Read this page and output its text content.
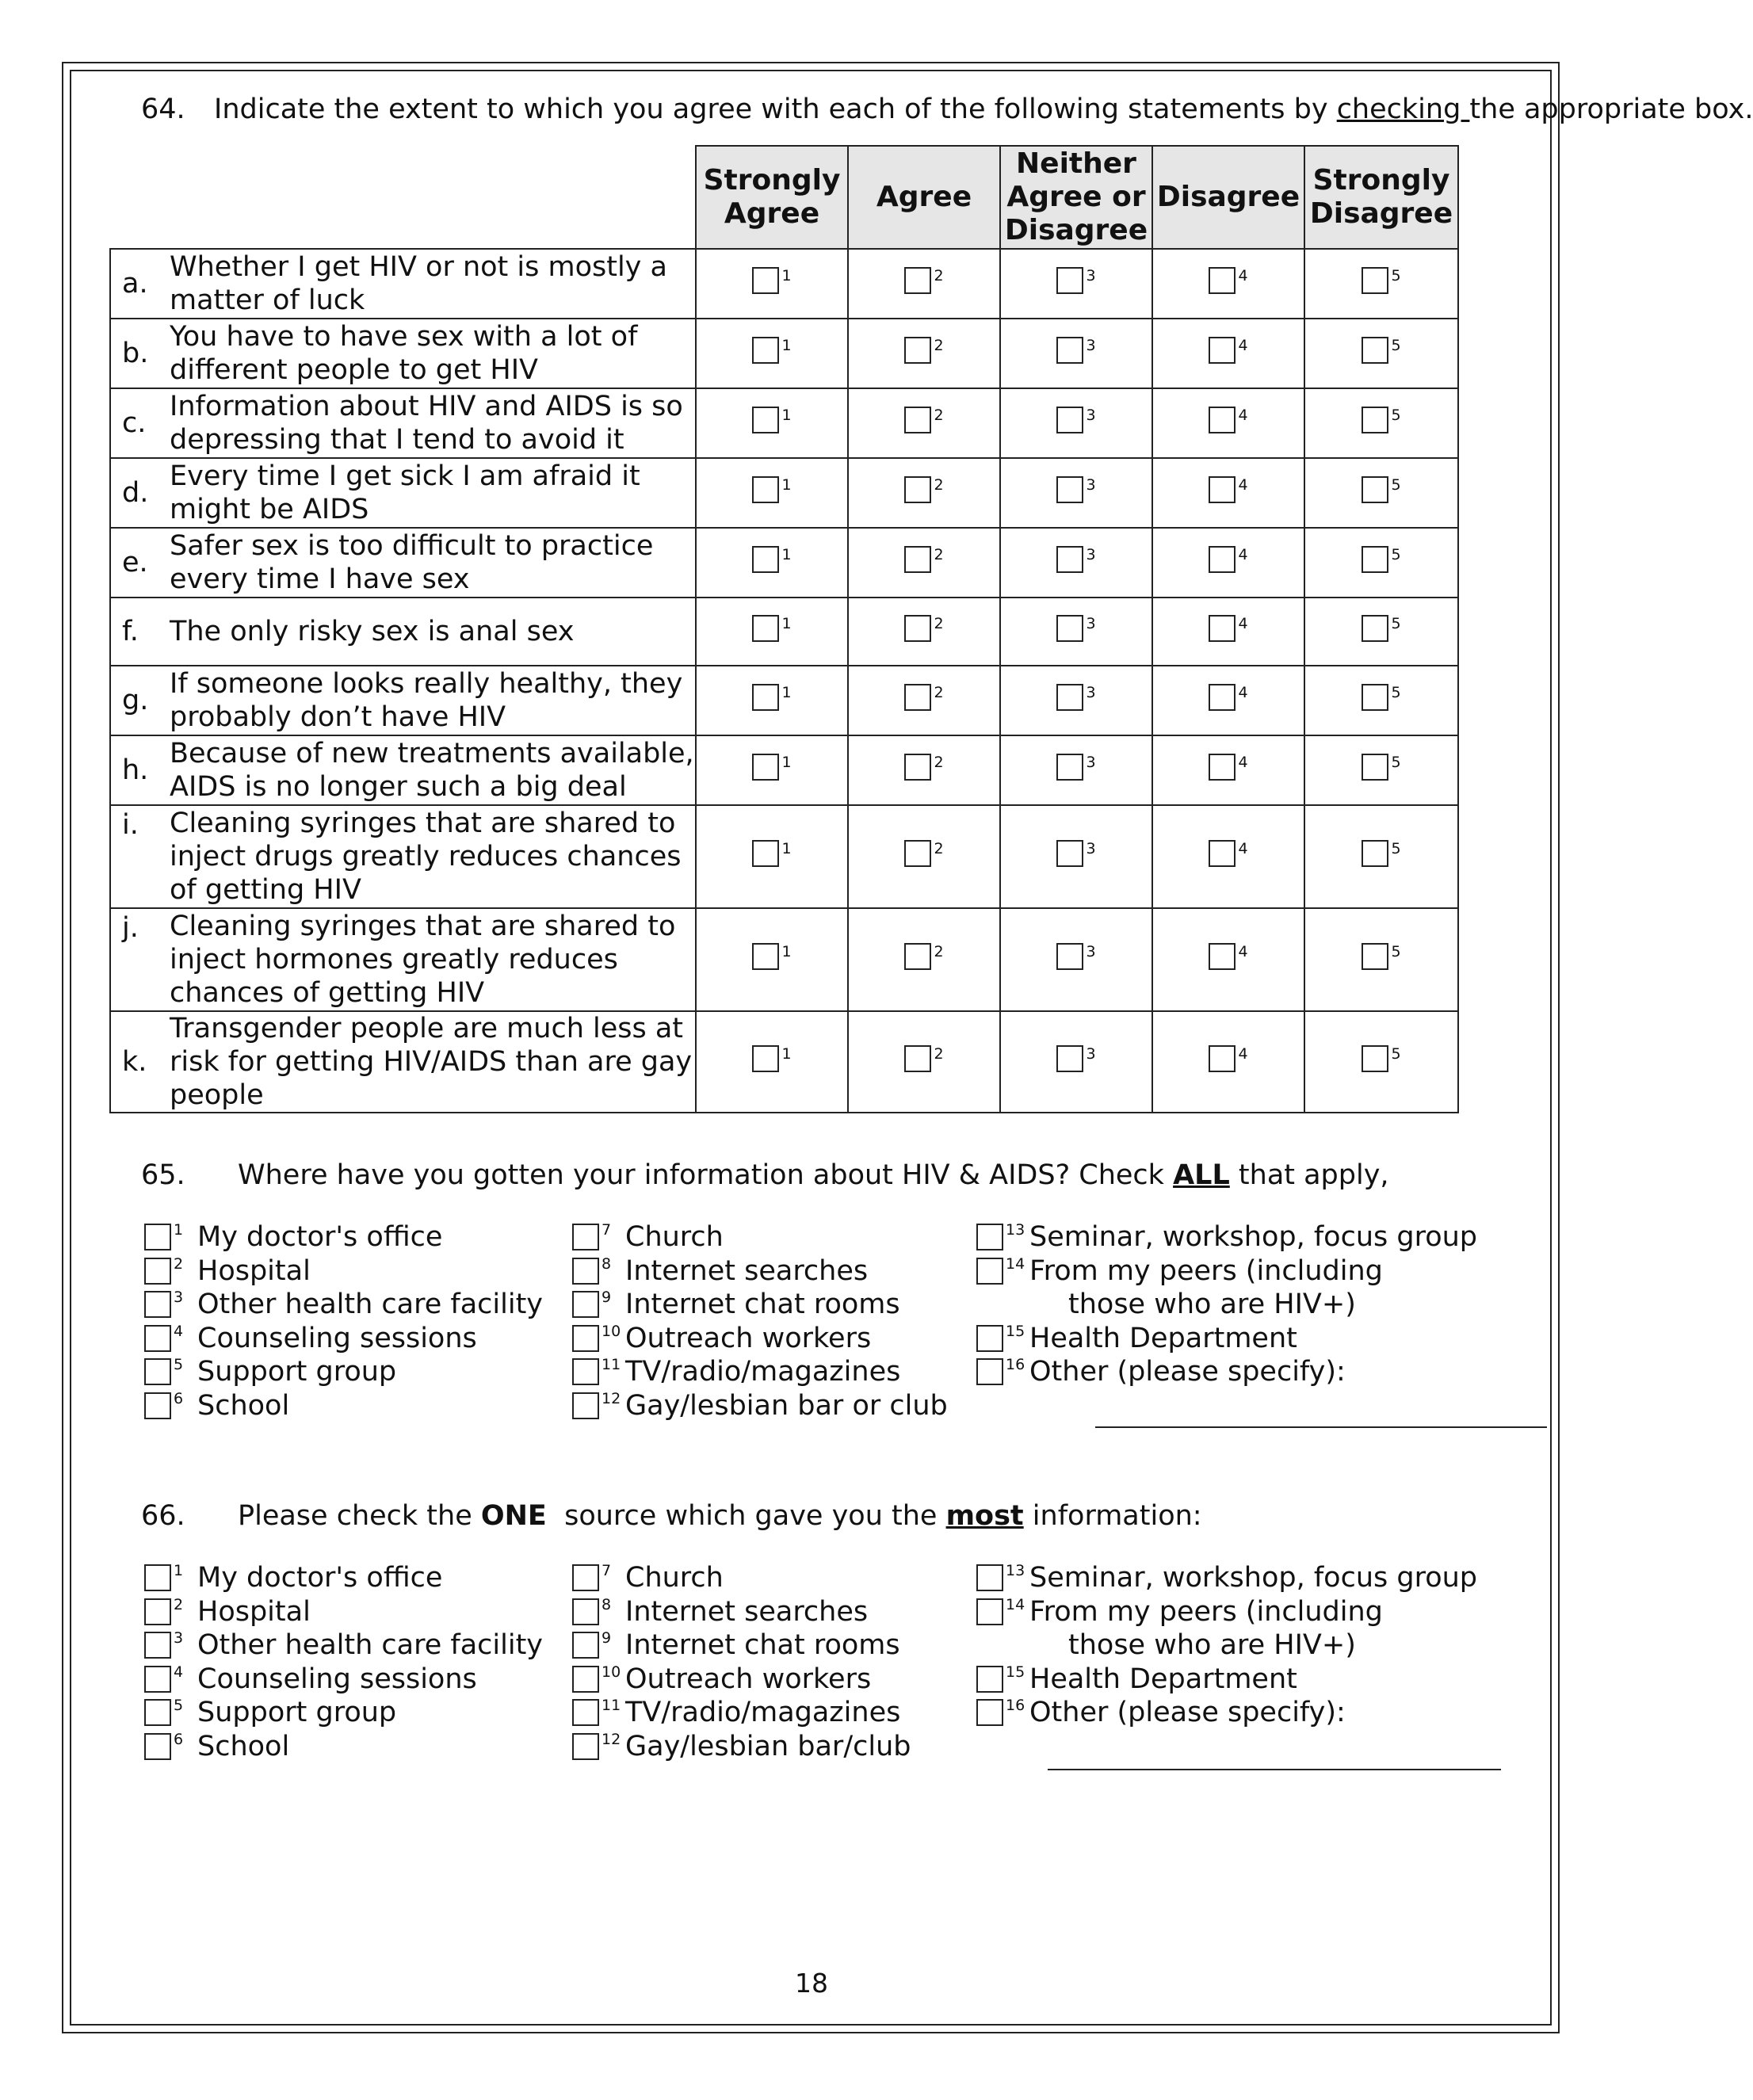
64. Indicate the extent to which you agree with each of the following statements by checking the appropriate box.
	Strongly Agree	Agree	Neither Agree or Disagree	Disagree	Strongly Disagree

a.
Whether I get HIV or not is mostly a matter of luck	1	2	3	4	5

b.
You have to have sex with a lot of different people to get HIV	1	2	3	4	5

c.
Information about HIV and AIDS is so depressing that I tend to avoid it	1	2	3	4	5

d.
Every time I get sick I am afraid it might be AIDS	1	2	3	4	5

e.
Safer sex is too difficult to practice every time I have sex	1	2	3	4	5

f. The only risky sex is anal sex	1	2	3	4	5

g.
If someone looks really healthy, they probably don’t have HIV	1	2	3	4	5

h.
Because of new treatments available, AIDS is no longer such a big deal	1	2	3	4	5

i. Cleaning syringes that are shared to inject drugs greatly reduces chances of getting HIV	1	2	3	4	5

j. Cleaning syringes that are shared to inject hormones greatly reduces chances of getting HIV	1	2	3	4	5

k.
Transgender people are much less at risk for getting HIV/AIDS than are gay people	1	2	3	4	5
65. Where have you gotten your information about HIV & AIDS? Check ALL that apply,
1 My doctor's office
2 Hospital
3 Other health care facility
4 Counseling sessions
5 Support group
6 School
7 Church
8 Internet searches
9 Internet chat rooms
10 Outreach workers
11 TV/radio/magazines
12 Gay/lesbian bar or club
13 Seminar, workshop, focus group
14 From my peers (including
15 Health Department
16 Other (please specify):
those who are HIV+)
66. Please check the ONE  source which gave you the most information:
1 My doctor's office
2 Hospital
3 Other health care facility
4 Counseling sessions
5 Support group
6 School
7 Church
8 Internet searches
9 Internet chat rooms
10 Outreach workers
11 TV/radio/magazines
12 Gay/lesbian bar/club
13 Seminar, workshop, focus group
14 From my peers (including
15 Health Department
16 Other (please specify):
those who are HIV+)
18
